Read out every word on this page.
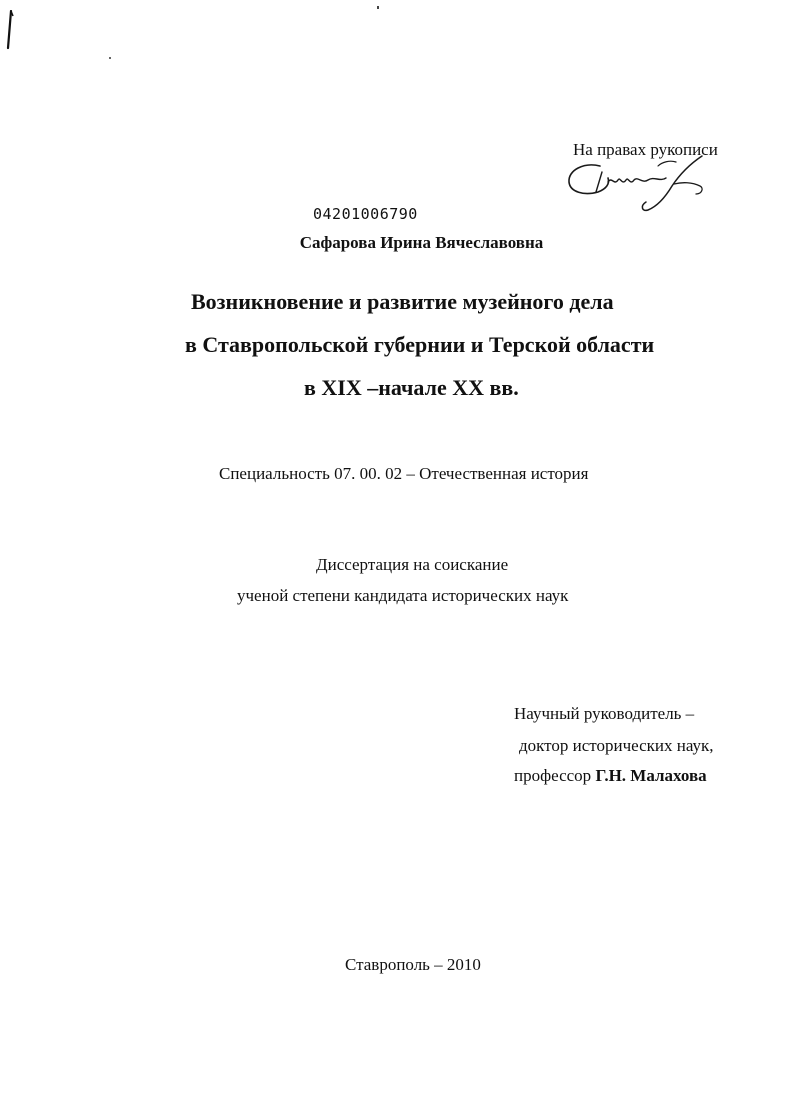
На правах рукописи
04201006790
Сафарова Ирина Вячеславовна
Возникновение и развитие музейного дела
в Ставропольской губернии и Терской области
в XIX –начале XX вв.
Специальность 07. 00. 02 – Отечественная история
Диссертация на соискание
ученой степени кандидата исторических наук
Научный руководитель –
доктор исторических наук,
профессор Г.Н. Малахова
Ставрополь – 2010
